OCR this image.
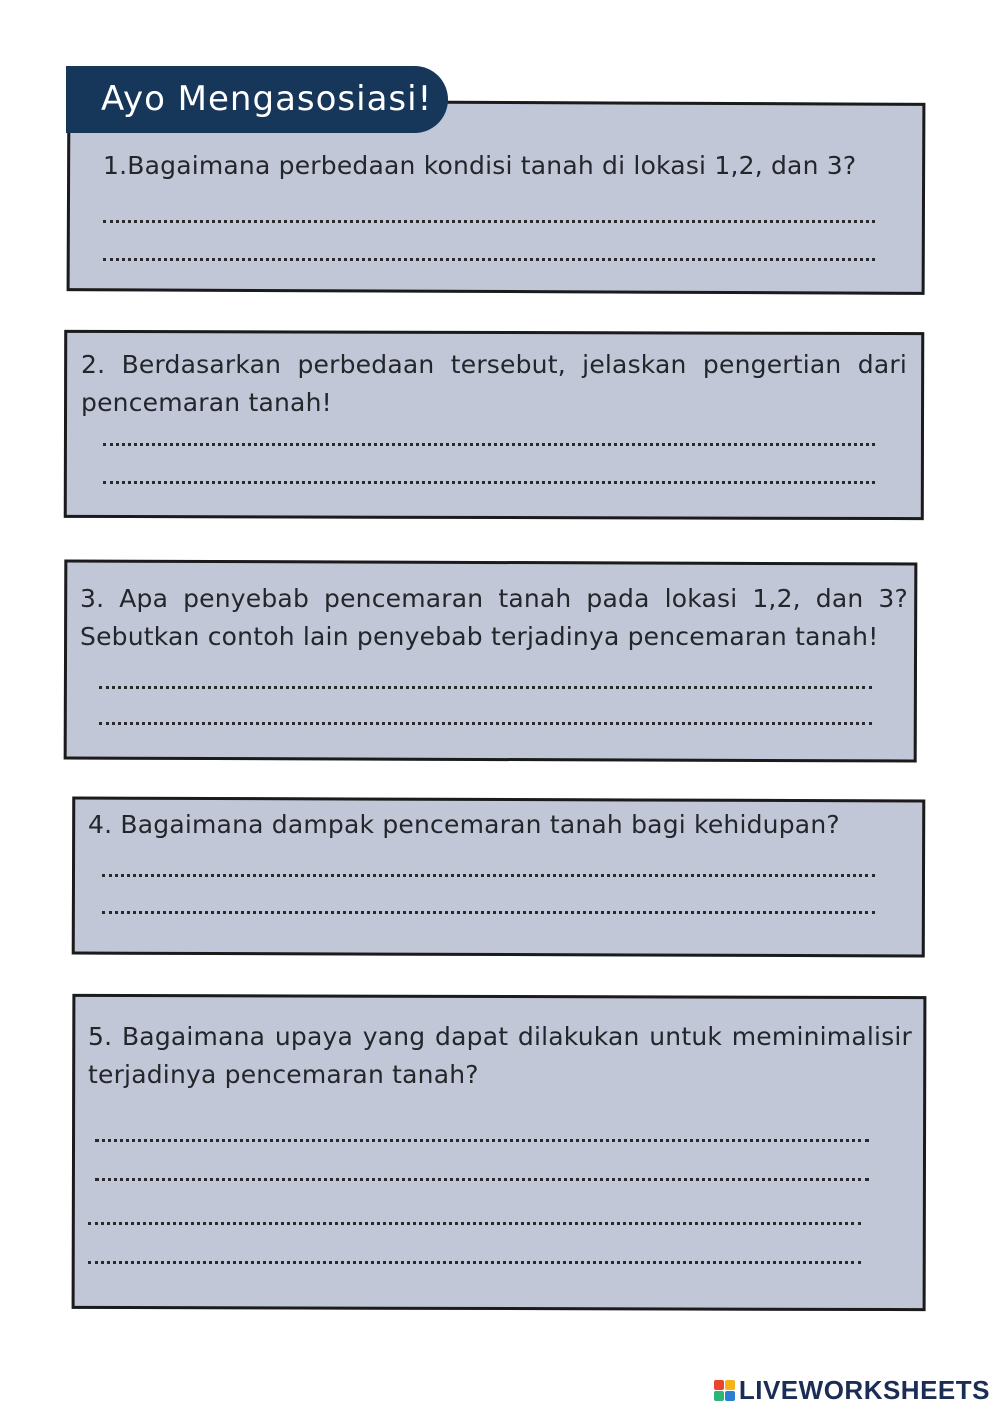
Ayo Mengasosiasi!
1.Bagaimana perbedaan kondisi tanah di lokasi 1,2, dan 3?
2. Berdasarkan perbedaan tersebut, jelaskan pengertian dari pencemaran tanah!
3. Apa penyebab pencemaran tanah pada lokasi 1,2, dan 3? Sebutkan contoh lain penyebab terjadinya pencemaran tanah!
4. Bagaimana dampak pencemaran tanah bagi kehidupan?
5. Bagaimana upaya yang dapat dilakukan untuk meminimalisir terjadinya pencemaran tanah?
LIVEWORKSHEETS
